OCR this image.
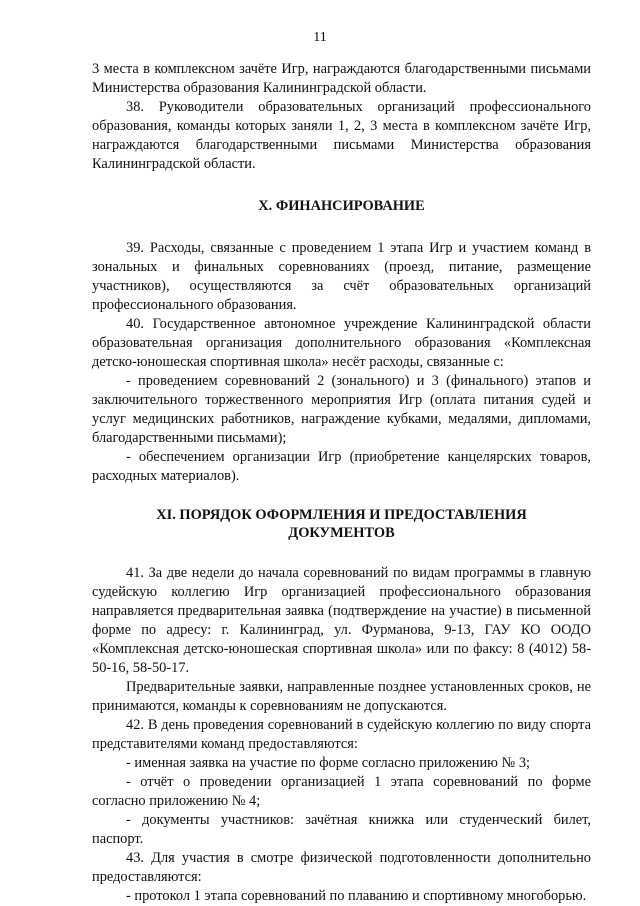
11

3 места в комплексном зачёте Игр, награждаются благодарственными письмами Министерства образования Калининградской области.

38. Руководители образовательных организаций профессионального образования, команды которых заняли 1, 2, 3 места в комплексном зачёте Игр, награждаются благодарственными письмами Министерства образования Калининградской области.

X. ФИНАНСИРОВАНИЕ

39. Расходы, связанные с проведением 1 этапа Игр и участием команд в зональных и финальных соревнованиях (проезд, питание, размещение участников), осуществляются за счёт образовательных организаций профессионального образования.

40. Государственное автономное учреждение Калининградской области образовательная организация дополнительного образования «Комплексная детско-юношеская спортивная школа» несёт расходы, связанные с:

- проведением соревнований 2 (зонального) и 3 (финального) этапов и заключительного торжественного мероприятия Игр (оплата питания судей и услуг медицинских работников, награждение кубками, медалями, дипломами, благодарственными письмами);

- обеспечением организации Игр (приобретение канцелярских товаров, расходных материалов).

XI. ПОРЯДОК ОФОРМЛЕНИЯ И ПРЕДОСТАВЛЕНИЯ
ДОКУМЕНТОВ

41. За две недели до начала соревнований по видам программы в главную судейскую коллегию Игр организацией профессионального образования направляется предварительная заявка (подтверждение на участие) в письменной форме по адресу: г. Калининград, ул. Фурманова, 9-13, ГАУ КО ООДО «Комплексная детско-юношеская спортивная школа» или по факсу: 8 (4012) 58-50-16, 58-50-17.

Предварительные заявки, направленные позднее установленных сроков, не принимаются, команды к соревнованиям не допускаются.

42. В день проведения соревнований в судейскую коллегию по виду спорта представителями команд предоставляются:

- именная заявка на участие по форме согласно приложению № 3;

- отчёт о проведении организацией 1 этапа соревнований по форме согласно приложению № 4;

- документы участников: зачётная книжка или студенческий билет, паспорт.

43. Для участия в смотре физической подготовленности дополнительно предоставляются:

- протокол 1 этапа соревнований по плаванию и спортивному многоборью.
